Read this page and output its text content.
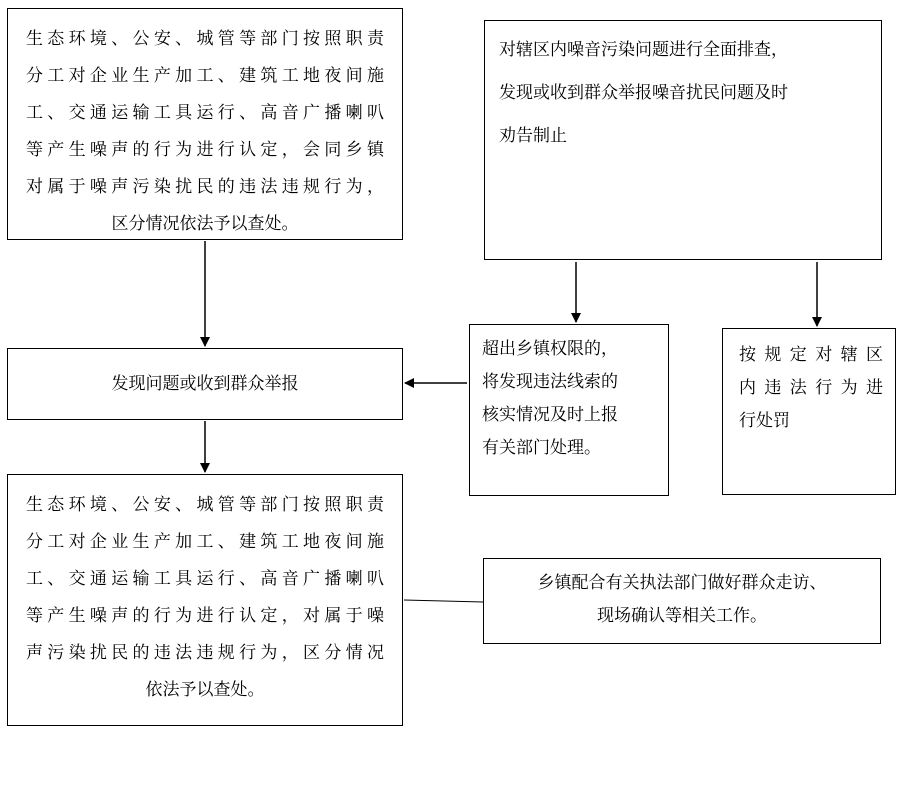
生态环境、公安、城管等部门按照职责

分工对企业生产加工、建筑工地夜间施

工、交通运输工具运行、高音广播喇叭

等产生噪声的行为进行认定，会同乡镇

对属于噪声污染扰民的违法违规行为，

区分情况依法予以查处。

对辖区内噪音污染问题进行全面排查，

发现或收到群众举报噪音扰民问题及时

劝告制止

发现问题或收到群众举报

超出乡镇权限的，

将发现违法线索的

核实情况及时上报

有关部门处理。

按规定对辖区

内违法行为进

行处罚

生态环境、公安、城管等部门按照职责

分工对企业生产加工、建筑工地夜间施

工、交通运输工具运行、高音广播喇叭

等产生噪声的行为进行认定，对属于噪

声污染扰民的违法违规行为，区分情况

依法予以查处。

乡镇配合有关执法部门做好群众走访、

现场确认等相关工作。
